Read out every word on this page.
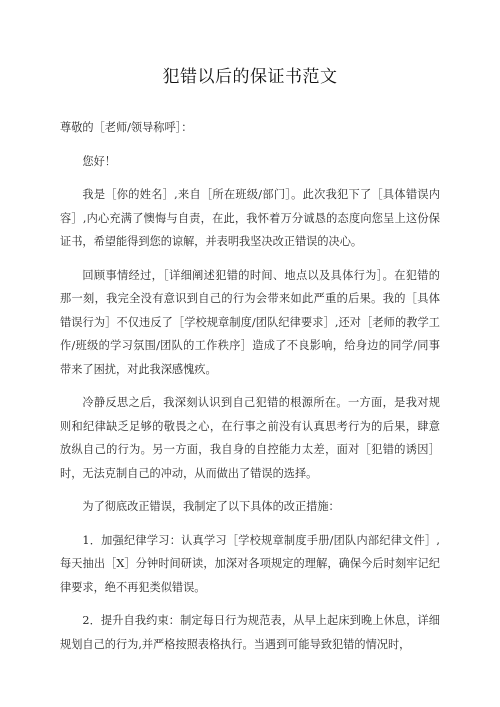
犯错以后的保证书范文

尊敬的［老师/领导称呼］：

您好！

我是［你的姓名］,来自［所在班级/部门］。此次我犯下了［具体错误内容］,内心充满了懊悔与自责，在此，我怀着万分诚恳的态度向您呈上这份保证书，希望能得到您的谅解，并表明我坚决改正错误的决心。

回顾事情经过，［详细阐述犯错的时间、地点以及具体行为］。在犯错的那一刻，我完全没有意识到自己的行为会带来如此严重的后果。我的［具体错误行为］不仅违反了［学校规章制度/团队纪律要求］,还对［老师的教学工作/班级的学习氛围/团队的工作秩序］造成了不良影响，给身边的同学/同事带来了困扰，对此我深感愧疚。

冷静反思之后，我深刻认识到自己犯错的根源所在。一方面，是我对规则和纪律缺乏足够的敬畏之心，在行事之前没有认真思考行为的后果，肆意放纵自己的行为。另一方面，我自身的自控能力太差，面对［犯错的诱因］时，无法克制自己的冲动，从而做出了错误的选择。

为了彻底改正错误，我制定了以下具体的改正措施：

1．加强纪律学习：认真学习［学校规章制度手册/团队内部纪律文件］,每天抽出［X］分钟时间研读，加深对各项规定的理解，确保今后时刻牢记纪律要求，绝不再犯类似错误。

2．提升自我约束：制定每日行为规范表，从早上起床到晚上休息，详细规划自己的行为,并严格按照表格执行。当遇到可能导致犯错的情况时，
